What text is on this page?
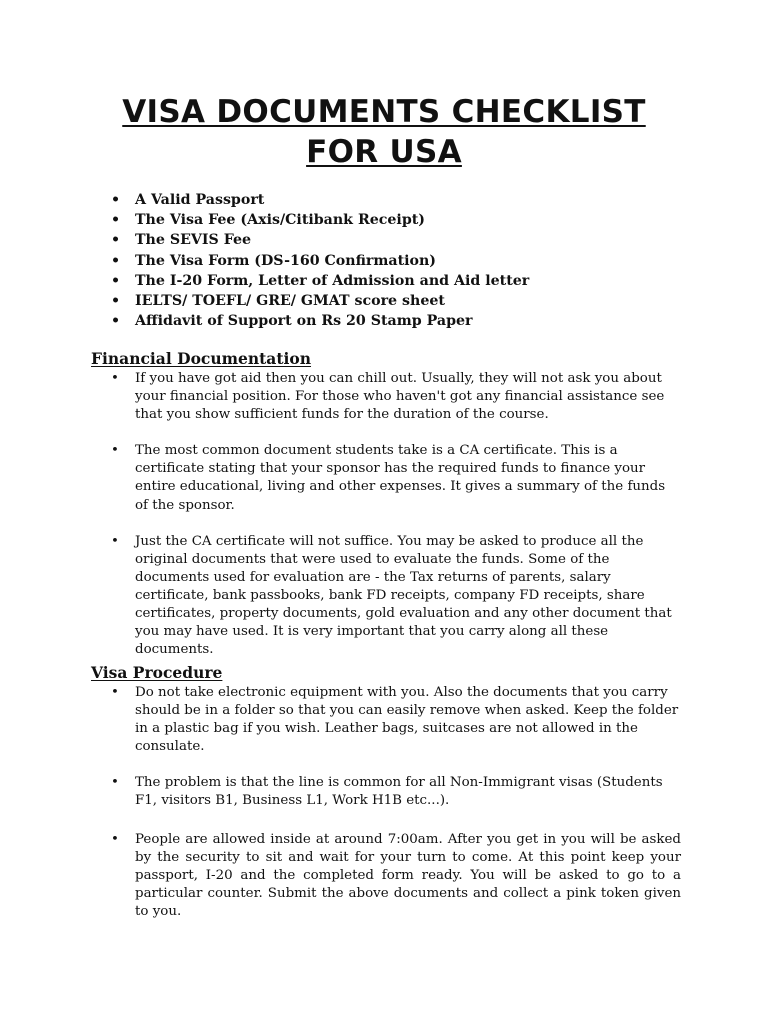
VISA DOCUMENTS CHECKLIST
FOR USA
• A Valid Passport
• The Visa Fee (Axis/Citibank Receipt)
• The SEVIS Fee
• The Visa Form (DS-160 Confirmation)
• The I-20 Form, Letter of Admission and Aid letter
• IELTS/ TOEFL/ GRE/ GMAT score sheet
• Affidavit of Support on Rs 20 Stamp Paper
Financial Documentation
• If you have got aid then you can chill out. Usually, they will not ask you about your financial position. For those who haven't got any financial assistance see that you show sufficient funds for the duration of the course.
• The most common document students take is a CA certificate. This is a certificate stating that your sponsor has the required funds to finance your entire educational, living and other expenses. It gives a summary of the funds of the sponsor.
• Just the CA certificate will not suffice. You may be asked to produce all the original documents that were used to evaluate the funds. Some of the documents used for evaluation are - the Tax returns of parents, salary certificate, bank passbooks, bank FD receipts, company FD receipts, share certificates, property documents, gold evaluation and any other document that you may have used. It is very important that you carry along all these documents.
Visa Procedure
• Do not take electronic equipment with you. Also the documents that you carry should be in a folder so that you can easily remove when asked. Keep the folder in a plastic bag if you wish. Leather bags, suitcases are not allowed in the consulate.
• The problem is that the line is common for all Non-Immigrant visas (Students F1, visitors B1, Business L1, Work H1B etc...).
• People are allowed inside at around 7:00am. After you get in you will be asked by the security to sit and wait for your turn to come. At this point keep your passport, I-20 and the completed form ready. You will be asked to go to a particular counter. Submit the above documents and collect a pink token given to you.
